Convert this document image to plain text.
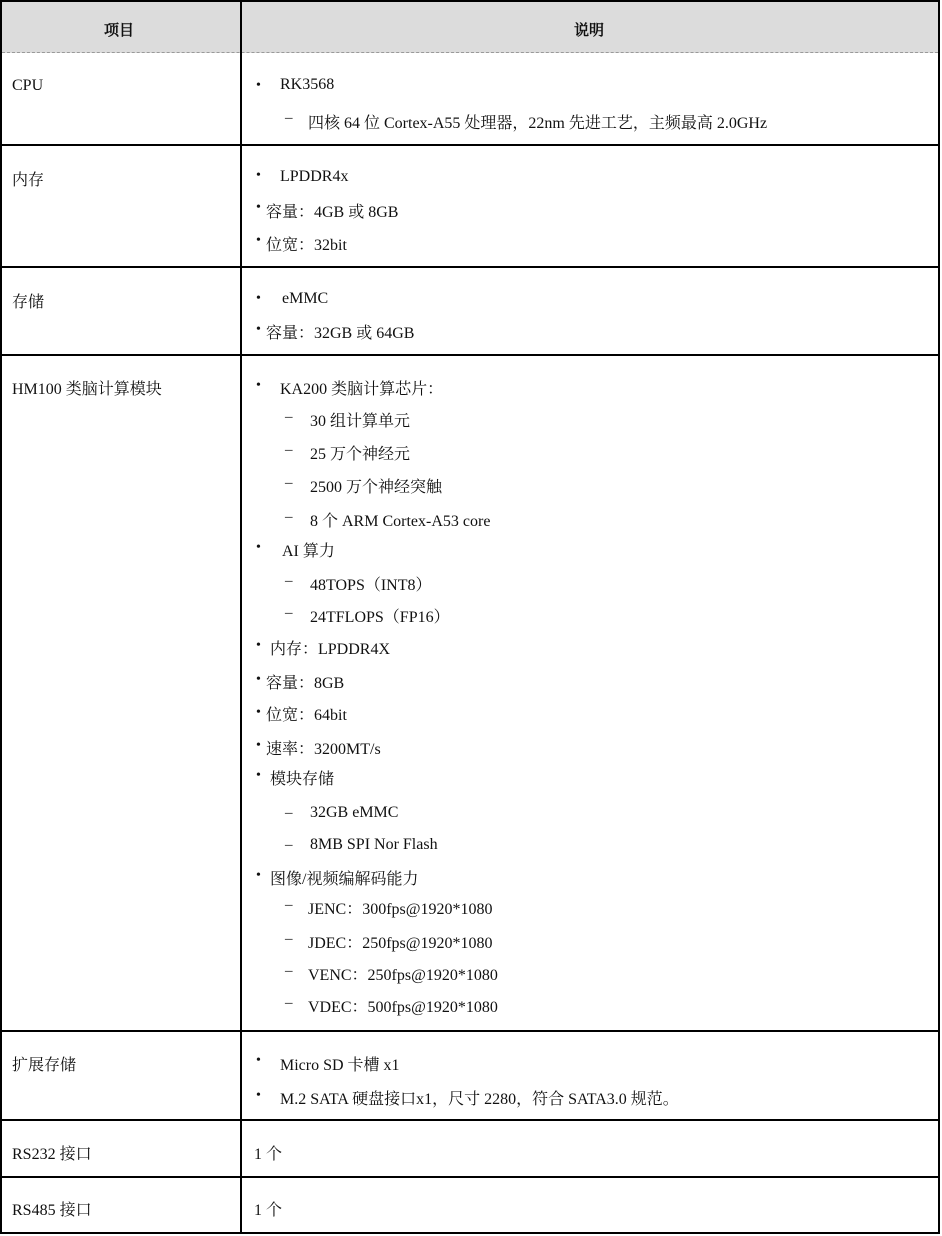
项目	说明
CPU	• RK3568
– 四核 64 位 Cortex-A55 处理器，22nm 先进工艺，主频最高 2.0GHz
内存	• LPDDR4x
• 容量：4GB 或 8GB
• 位宽：32bit
存储	• eMMC
• 容量：32GB 或 64GB
HM100 类脑计算模块	• KA200 类脑计算芯片：
– 30 组计算单元
– 25 万个神经元
– 2500 万个神经突触
– 8 个 ARM Cortex-A53 core
• AI 算力
– 48TOPS（INT8）
– 24TFLOPS（FP16）
• 内存：LPDDR4X
• 容量：8GB
• 位宽：64bit
• 速率：3200MT/s
• 模块存储
– 32GB eMMC
– 8MB SPI Nor Flash
• 图像/视频编解码能力
– JENC：300fps@1920*1080
– JDEC：250fps@1920*1080
– VENC：250fps@1920*1080
– VDEC：500fps@1920*1080
扩展存储	• Micro SD 卡槽 x1
• M.2 SATA 硬盘接口x1，尺寸 2280，符合 SATA3.0 规范。
RS232 接口	1 个
RS485 接口	1 个
